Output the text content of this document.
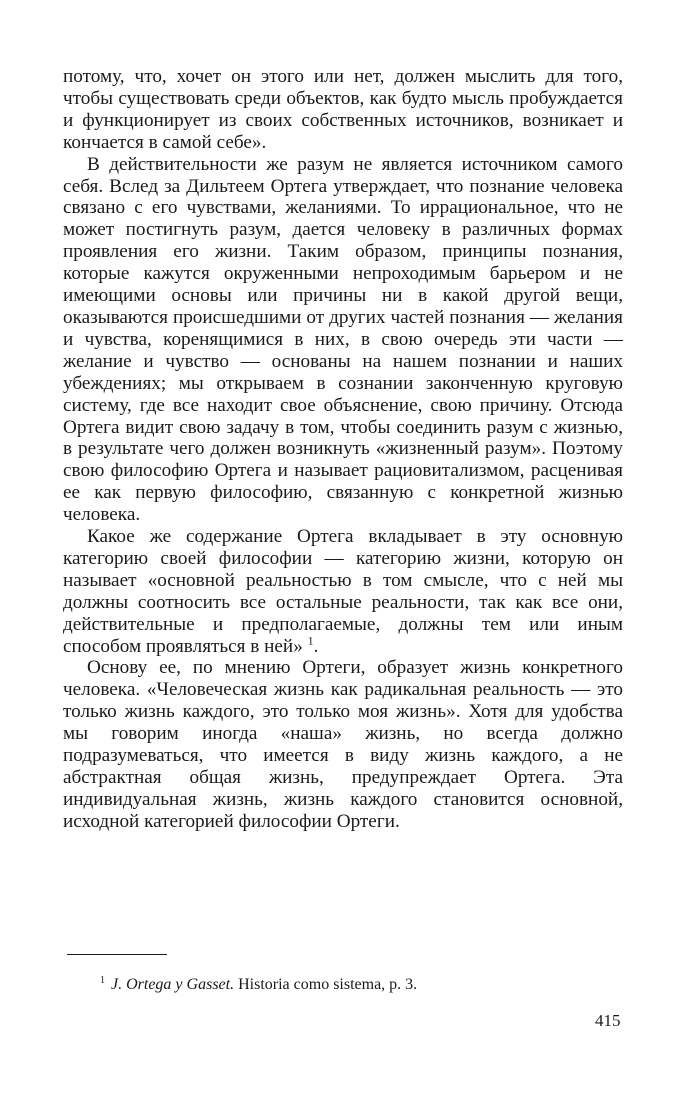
потому, что, хочет он этого или нет, должен мыслить для того, чтобы существовать среди объектов, как будто мысль пробуждается и функционирует из своих собственных источников, возникает и кончается в самой себе».

В действительности же разум не является источником самого себя. Вслед за Дильтеем Ортега утверждает, что познание человека связано с его чувствами, желаниями. То иррациональное, что не может постигнуть разум, дается человеку в различных формах проявления его жизни. Таким образом, принципы познания, которые кажутся окруженными непроходимым барьером и не имеющими основы или причины ни в какой другой вещи, оказываются происшедшими от других частей познания — желания и чувства, коренящимися в них, в свою очередь эти части — желание и чувство — основаны на нашем познании и наших убеждениях; мы открываем в сознании законченную круговую систему, где все находит свое объяснение, свою причину. Отсюда Ортега видит свою задачу в том, чтобы соединить разум с жизнью, в результате чего должен возникнуть «жизненный разум». Поэтому свою философию Ортега и называет рациовитализмом, расценивая ее как первую философию, связанную с конкретной жизнью человека.

Какое же содержание Ортега вкладывает в эту основную категорию своей философии — категорию жизни, которую он называет «основной реальностью в том смысле, что с ней мы должны соотносить все остальные реальности, так как все они, действительные и предполагаемые, должны тем или иным способом проявляться в ней» $^1$.

Основу ее, по мнению Ортеги, образует жизнь конкретного человека. «Человеческая жизнь как радикальная реальность — это только жизнь каждого, это только моя жизнь». Хотя для удобства мы говорим иногда «наша» жизнь, но всегда должно подразумеваться, что имеется в виду жизнь каждого, а не абстрактная общая жизнь, предупреждает Ортега. Эта индивидуальная жизнь, жизнь каждого становится основной, исходной категорией философии Ортеги.

$^1$ J. Ortega y Gasset. Historia como sistema, p. 3.
415
